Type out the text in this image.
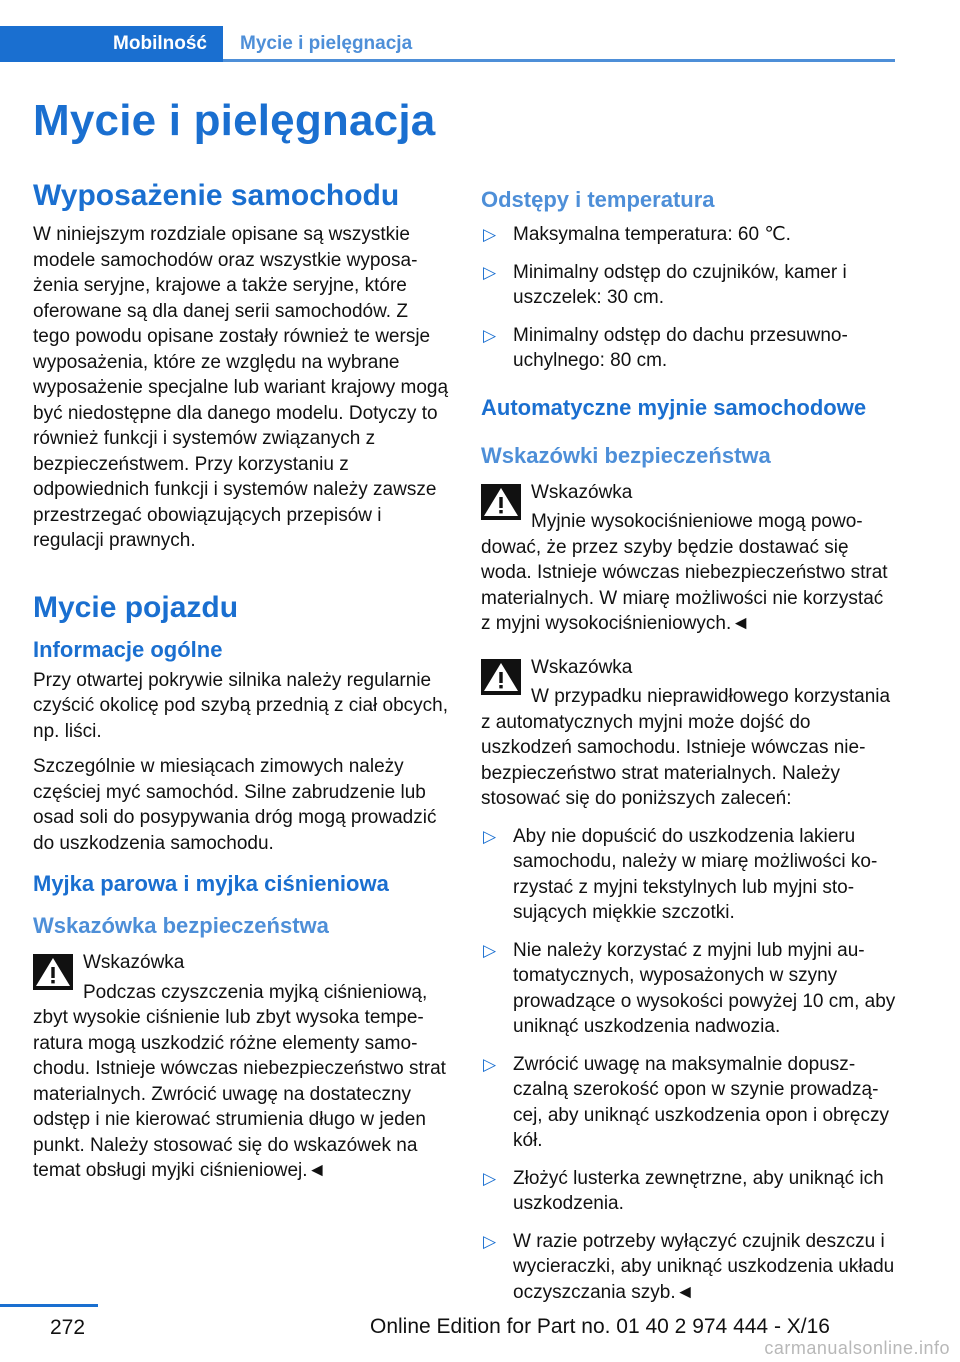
Mobilność	Mycie i pielęgnacja
Mycie i pielęgnacja
Wyposażenie samochodu

W niniejszym rozdziale opisane są wszystkie modele samochodów oraz wszystkie wyposażenia seryjne, krajowe a także seryjne, które oferowane są dla danej serii samochodów. Z tego powodu opisane zostały również te wersje wyposażenia, które ze względu na wybrane wyposażenie specjalne lub wariant krajowy mogą być niedostępne dla danego modelu. Dotyczy to również funkcji i systemów związanych z bezpieczeństwem. Przy korzystaniu z odpowiednich funkcji i systemów należy zawsze przestrzegać obowiązujących przepisów i regulacji prawnych.

Mycie pojazdu
Informacje ogólne

Przy otwartej pokrywie silnika należy regularnie czyścić okolicę pod szybą przednią z ciał obcych, np. liści.

Szczególnie w miesiącach zimowych należy częściej myć samochód. Silne zabrudzenie lub osad soli do posypywania dróg mogą prowadzić do uszkodzenia samochodu.

Myjka parowa i myjka ciśnieniowa
Wskazówka bezpieczeństwa
Wskazówka
Podczas czyszczenia myjką ciśnieniową, zbyt wysokie ciśnienie lub zbyt wysoka temperatura mogą uszkodzić różne elementy samochodu. Istnieje wówczas niebezpieczeństwo strat materialnych. Zwrócić uwagę na dostateczny odstęp i nie kierować strumienia długo w jeden punkt. Należy stosować się do wskazówek na temat obsługi myjki ciśnieniowej.◄
Odstępy i temperatura
▷ Maksymalna temperatura: 60 ℃.
▷ Minimalny odstęp do czujników, kamer i uszczelek: 30 cm.
▷ Minimalny odstęp do dachu przesuwno-uchylnego: 80 cm.
Automatyczne myjnie samochodowe
Wskazówki bezpieczeństwa
Wskazówka
Myjnie wysokociśnieniowe mogą powodować, że przez szyby będzie dostawać się woda. Istnieje wówczas niebezpieczeństwo strat materialnych. W miarę możliwości nie korzystać z myjni wysokociśnieniowych.◄
Wskazówka
W przypadku nieprawidłowego korzystania z automatycznych myjni może dojść do uszkodzeń samochodu. Istnieje wówczas niebezpieczeństwo strat materialnych. Należy stosować się do poniższych zaleceń:
▷ Aby nie dopuścić do uszkodzenia lakieru samochodu, należy w miarę możliwości korzystać z myjni tekstylnych lub myjni stosujących miękkie szczotki.
▷ Nie należy korzystać z myjni lub myjni automatycznych, wyposażonych w szyny prowadzące o wysokości powyżej 10 cm, aby uniknąć uszkodzenia nadwozia.
▷ Zwrócić uwagę na maksymalnie dopuszczalną szerokość opon w szynie prowadzącej, aby uniknąć uszkodzenia opon i obręczy kół.
▷ Złożyć lusterka zewnętrzne, aby uniknąć ich uszkodzenia.
▷ W razie potrzeby wyłączyć czujnik deszczu i wycieraczki, aby uniknąć uszkodzenia układu oczyszczania szyb.◄
272	Online Edition for Part no. 01 40 2 974 444 - X/16
carmanualsonline.info
